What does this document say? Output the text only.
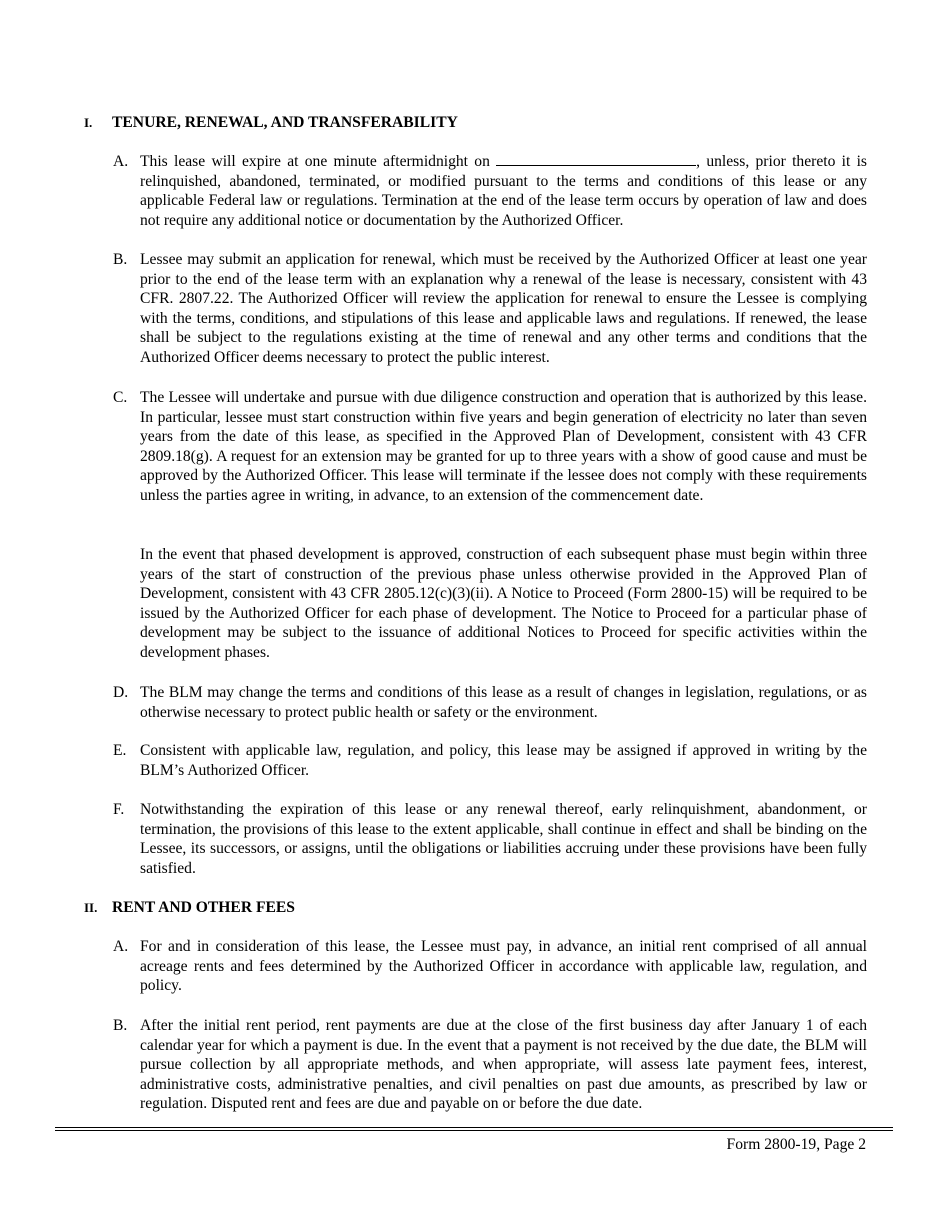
I. TENURE, RENEWAL, AND TRANSFERABILITY
A. This lease will expire at one minute aftermidnight on	, unless, prior thereto it is relinquished, abandoned, terminated, or modified pursuant to the terms and conditions of this lease or any applicable Federal law or regulations. Termination at the end of the lease term occurs by operation of law and does not require any additional notice or documentation by the Authorized Officer.
B. Lessee may submit an application for renewal, which must be received by the Authorized Officer at least one year prior to the end of the lease term with an explanation why a renewal of the lease is necessary, consistent with 43 CFR. 2807.22. The Authorized Officer will review the application for renewal to ensure the Lessee is complying with the terms, conditions, and stipulations of this lease and applicable laws and regulations. If renewed, the lease shall be subject to the regulations existing at the time of renewal and any other terms and conditions that the Authorized Officer deems necessary to protect the public interest.
C. The Lessee will undertake and pursue with due diligence construction and operation that is authorized by this lease. In particular, lessee must start construction within five years and begin generation of electricity no later than seven years from the date of this lease, as specified in the Approved Plan of Development, consistent with 43 CFR 2809.18(g). A request for an extension may be granted for up to three years with a show of good cause and must be approved by the Authorized Officer. This lease will terminate if the lessee does not comply with these requirements unless the parties agree in writing, in advance, to an extension of the commencement date.
In the event that phased development is approved, construction of each subsequent phase must begin within three years of the start of construction of the previous phase unless otherwise provided in the Approved Plan of Development, consistent with 43 CFR 2805.12(c)(3)(ii). A Notice to Proceed (Form 2800-15) will be required to be issued by the Authorized Officer for each phase of development. The Notice to Proceed for a particular phase of development may be subject to the issuance of additional Notices to Proceed for specific activities within the development phases.
D. The BLM may change the terms and conditions of this lease as a result of changes in legislation, regulations, or as otherwise necessary to protect public health or safety or the environment.
E. Consistent with applicable law, regulation, and policy, this lease may be assigned if approved in writing by the BLM’s Authorized Officer.
F.	Notwithstanding the expiration of this lease or any renewal thereof, early relinquishment, abandonment, or termination, the provisions of this lease to the extent applicable, shall continue in effect and shall be binding on the Lessee, its successors, or assigns, until the obligations or liabilities accruing under these provisions have been fully satisfied.
II. RENT AND OTHER FEES
A. For and in consideration of this lease, the Lessee must pay, in advance, an initial rent comprised of all annual acreage rents and fees determined by the Authorized Officer in accordance with applicable law, regulation, and policy.
B. After the initial rent period, rent payments are due at the close of the first business day after January 1 of each calendar year for which a payment is due. In the event that a payment is not received by the due date, the BLM will pursue collection by all appropriate methods, and when appropriate, will assess late payment fees, interest, administrative costs, administrative penalties, and civil penalties on past due amounts, as prescribed by law or regulation. Disputed rent and fees are due and payable on or before the due date.
Form 2800-19, Page 2
